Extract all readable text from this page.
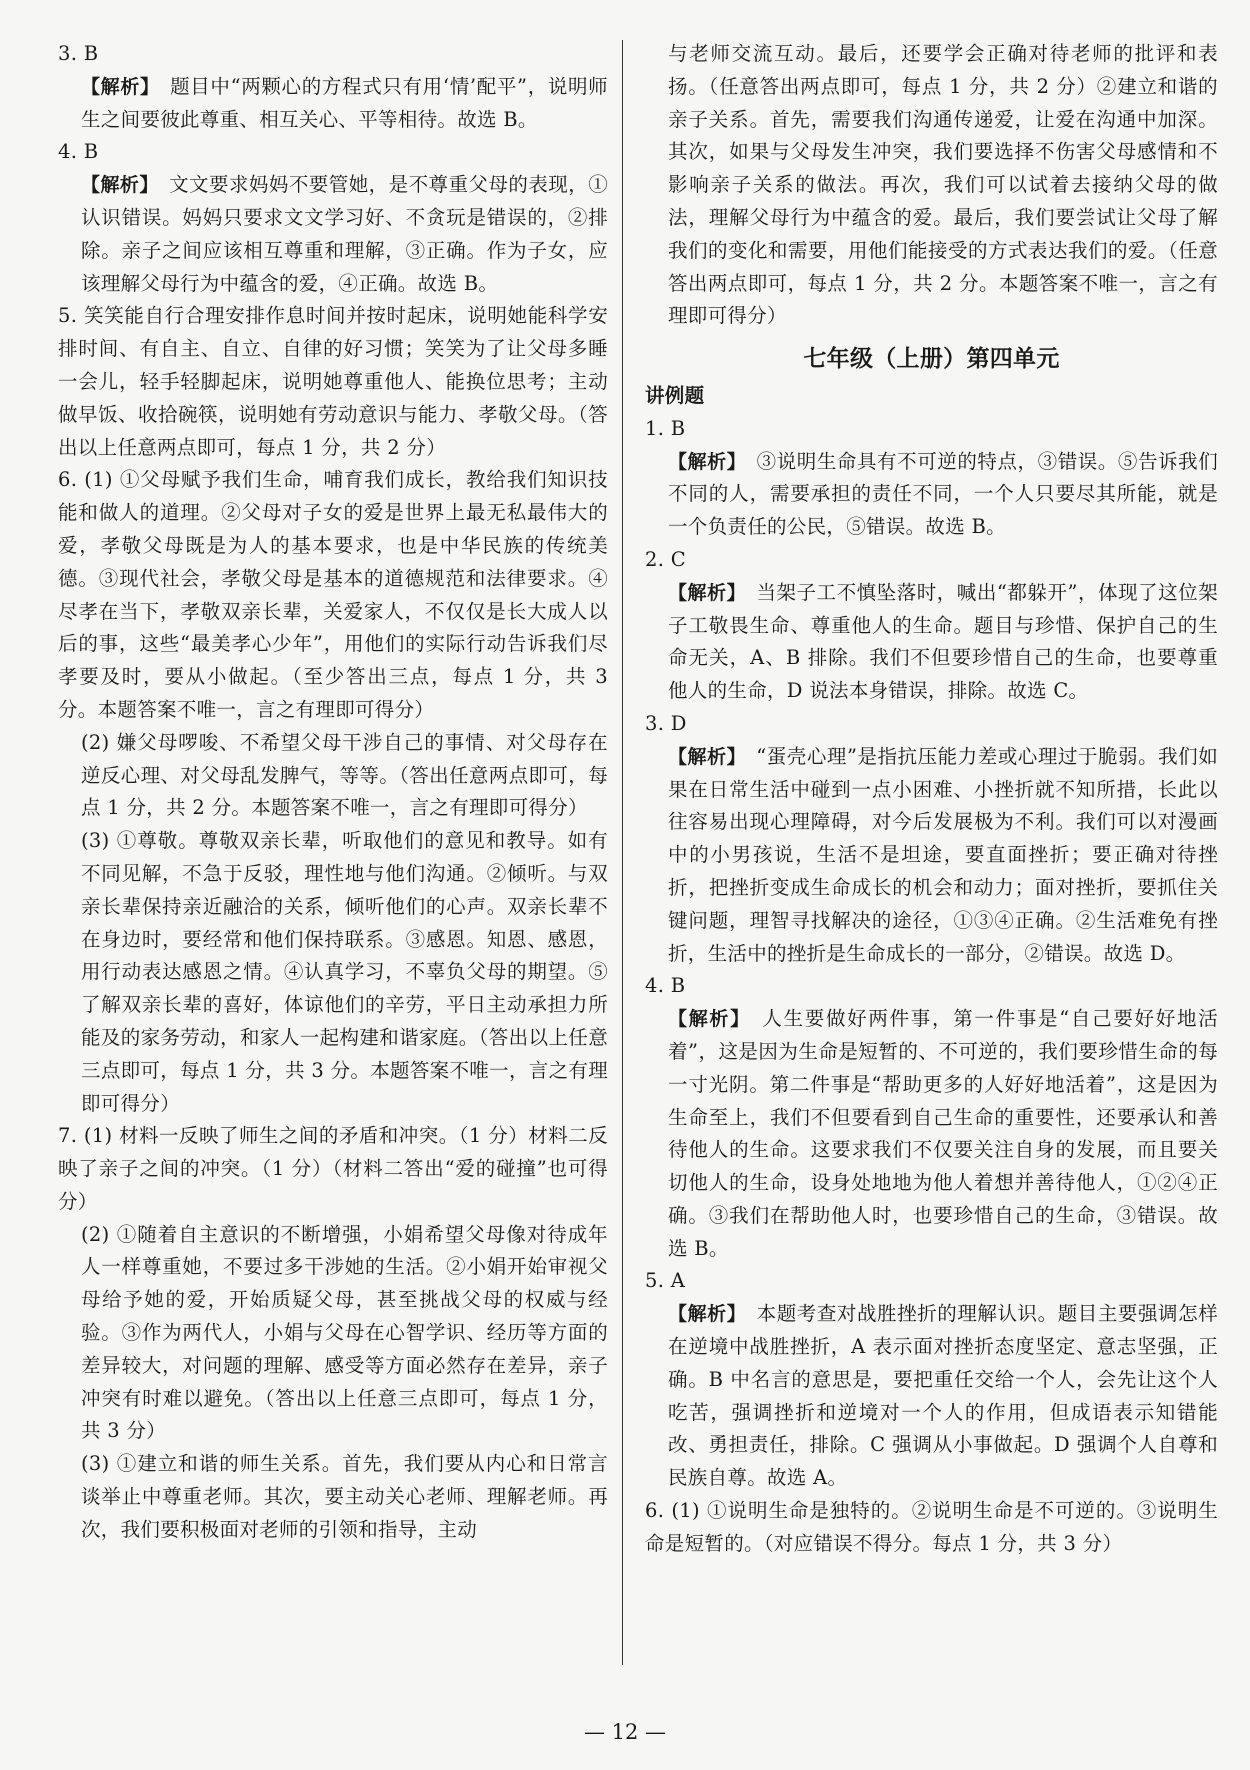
3. B
【解析】  题目中“两颗心的方程式只有用‘情’配平”，说明师生之间要彼此尊重、相互关心、平等相待。故选 B。
4. B
【解析】  文文要求妈妈不要管她，是不尊重父母的表现，①认识错误。妈妈只要求文文学习好、不贪玩是错误的，②排除。亲子之间应该相互尊重和理解，③正确。作为子女，应该理解父母行为中蕴含的爱，④正确。故选 B。
5. 笑笑能自行合理安排作息时间并按时起床，说明她能科学安排时间、有自主、自立、自律的好习惯；笑笑为了让父母多睡一会儿，轻手轻脚起床，说明她尊重他人、能换位思考；主动做早饭、收拾碗筷，说明她有劳动意识与能力、孝敬父母。（答出以上任意两点即可，每点 1 分，共 2 分）
6. (1) ①父母赋予我们生命，哺育我们成长，教给我们知识技能和做人的道理。②父母对子女的爱是世界上最无私最伟大的爱，孝敬父母既是为人的基本要求，也是中华民族的传统美德。③现代社会，孝敬父母是基本的道德规范和法律要求。④尽孝在当下，孝敬双亲长辈，关爱家人，不仅仅是长大成人以后的事，这些“最美孝心少年”，用他们的实际行动告诉我们尽孝要及时，要从小做起。（至少答出三点，每点 1 分，共 3 分。本题答案不唯一，言之有理即可得分）
(2) 嫌父母啰唆、不希望父母干涉自己的事情、对父母存在逆反心理、对父母乱发脾气，等等。（答出任意两点即可，每点 1 分，共 2 分。本题答案不唯一，言之有理即可得分）
(3) ①尊敬。尊敬双亲长辈，听取他们的意见和教导。如有不同见解，不急于反驳，理性地与他们沟通。②倾听。与双亲长辈保持亲近融洽的关系，倾听他们的心声。双亲长辈不在身边时，要经常和他们保持联系。③感恩。知恩、感恩，用行动表达感恩之情。④认真学习，不辜负父母的期望。⑤了解双亲长辈的喜好，体谅他们的辛劳，平日主动承担力所能及的家务劳动，和家人一起构建和谐家庭。（答出以上任意三点即可，每点 1 分，共 3 分。本题答案不唯一，言之有理即可得分）
7. (1) 材料一反映了师生之间的矛盾和冲突。（1 分）材料二反映了亲子之间的冲突。（1 分）（材料二答出“爱的碰撞”也可得分）
(2) ①随着自主意识的不断增强，小娟希望父母像对待成年人一样尊重她，不要过多干涉她的生活。②小娟开始审视父母给予她的爱，开始质疑父母，甚至挑战父母的权威与经验。③作为两代人，小娟与父母在心智学识、经历等方面的差异较大，对问题的理解、感受等方面必然存在差异，亲子冲突有时难以避免。（答出以上任意三点即可，每点 1 分，共 3 分）
(3) ①建立和谐的师生关系。首先，我们要从内心和日常言谈举止中尊重老师。其次，要主动关心老师、理解老师。再次，我们要积极面对老师的引领和指导，主动
与老师交流互动。最后，还要学会正确对待老师的批评和表扬。（任意答出两点即可，每点 1 分，共 2 分）②建立和谐的亲子关系。首先，需要我们沟通传递爱，让爱在沟通中加深。其次，如果与父母发生冲突，我们要选择不伤害父母感情和不影响亲子关系的做法。再次，我们可以试着去接纳父母的做法，理解父母行为中蕴含的爱。最后，我们要尝试让父母了解我们的变化和需要，用他们能接受的方式表达我们的爱。（任意答出两点即可，每点 1 分，共 2 分。本题答案不唯一，言之有理即可得分）
七年级（上册）第四单元
讲例题
1. B
【解析】  ③说明生命具有不可逆的特点，③错误。⑤告诉我们不同的人，需要承担的责任不同，一个人只要尽其所能，就是一个负责任的公民，⑤错误。故选 B。
2. C
【解析】  当架子工不慎坠落时，喊出“都躲开”，体现了这位架子工敬畏生命、尊重他人的生命。题目与珍惜、保护自己的生命无关，A、B 排除。我们不但要珍惜自己的生命，也要尊重他人的生命，D 说法本身错误，排除。故选 C。
3. D
【解析】  “蛋壳心理”是指抗压能力差或心理过于脆弱。我们如果在日常生活中碰到一点小困难、小挫折就不知所措，长此以往容易出现心理障碍，对今后发展极为不利。我们可以对漫画中的小男孩说，生活不是坦途，要直面挫折；要正确对待挫折，把挫折变成生命成长的机会和动力；面对挫折，要抓住关键问题，理智寻找解决的途径，①③④正确。②生活难免有挫折，生活中的挫折是生命成长的一部分，②错误。故选 D。
4. B
【解析】  人生要做好两件事，第一件事是“自己要好好地活着”，这是因为生命是短暂的、不可逆的，我们要珍惜生命的每一寸光阴。第二件事是“帮助更多的人好好地活着”，这是因为生命至上，我们不但要看到自己生命的重要性，还要承认和善待他人的生命。这要求我们不仅要关注自身的发展，而且要关切他人的生命，设身处地地为他人着想并善待他人，①②④正确。③我们在帮助他人时，也要珍惜自己的生命，③错误。故选 B。
5. A
【解析】  本题考查对战胜挫折的理解认识。题目主要强调怎样在逆境中战胜挫折，A 表示面对挫折态度坚定、意志坚强，正确。B 中名言的意思是，要把重任交给一个人，会先让这个人吃苦，强调挫折和逆境对一个人的作用，但成语表示知错能改、勇担责任，排除。C 强调从小事做起。D 强调个人自尊和民族自尊。故选 A。
6. (1) ①说明生命是独特的。②说明生命是不可逆的。③说明生命是短暂的。（对应错误不得分。每点 1 分，共 3 分）
— 12 —
